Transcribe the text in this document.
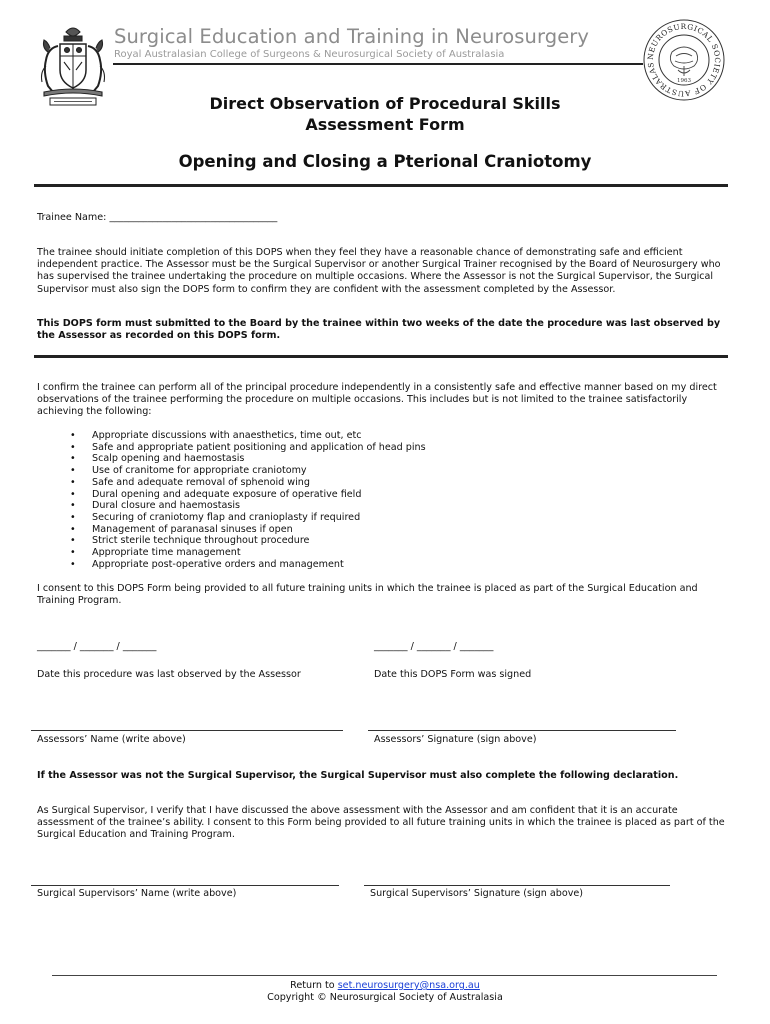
Surgical Education and Training in Neurosurgery
Royal Australasian College of Surgeons & Neurosurgical Society of Australasia	NEUROSURGICAL SOCIETY OF AUSTRALAS
1963
Direct Observation of Procedural Skills
Assessment Form
Opening and Closing a Pterional Craniotomy
Trainee Name: ___________________________________
The trainee should initiate completion of this DOPS when they feel they have a reasonable chance of demonstrating safe and efficient independent practice. The Assessor must be the Surgical Supervisor or another Surgical Trainer recognised by the Board of Neurosurgery who has supervised the trainee undertaking the procedure on multiple occasions. Where the Assessor is not the Surgical Supervisor, the Surgical Supervisor must also sign the DOPS form to confirm they are confident with the assessment completed by the Assessor.
This DOPS form must submitted to the Board by the trainee within two weeks of the date the procedure was last observed by the Assessor as recorded on this DOPS form.
I confirm the trainee can perform all of the principal procedure independently in a consistently safe and effective manner based on my direct observations of the trainee performing the procedure on multiple occasions. This includes but is not limited to the trainee satisfactorily achieving the following:
• Appropriate discussions with anaesthetics, time out, etc
• Safe and appropriate patient positioning and application of head pins
• Scalp opening and haemostasis
• Use of cranitome for appropriate craniotomy
• Safe and adequate removal of sphenoid wing
• Dural opening and adequate exposure of operative field
• Dural closure and haemostasis
• Securing of craniotomy flap and cranioplasty if required
• Management of paranasal sinuses if open
• Strict sterile technique throughout procedure
• Appropriate time management
• Appropriate post-operative orders and management
I consent to this DOPS Form being provided to all future training units in which the trainee is placed as part of the Surgical Education and Training Program.
_______ / _______ / _______	_______ / _______ / _______
Date this procedure was last observed by the Assessor	Date this DOPS Form was signed
Assessors’ Name (write above)	Assessors’ Signature (sign above)
If the Assessor was not the Surgical Supervisor, the Surgical Supervisor must also complete the following declaration.
As Surgical Supervisor, I verify that I have discussed the above assessment with the Assessor and am confident that it is an accurate assessment of the trainee’s ability. I consent to this Form being provided to all future training units in which the trainee is placed as part of the Surgical Education and Training Program.
Surgical Supervisors’ Name (write above)	Surgical Supervisors’ Signature (sign above)
Return to set.neurosurgery@nsa.org.au
Copyright © Neurosurgical Society of Australasia
